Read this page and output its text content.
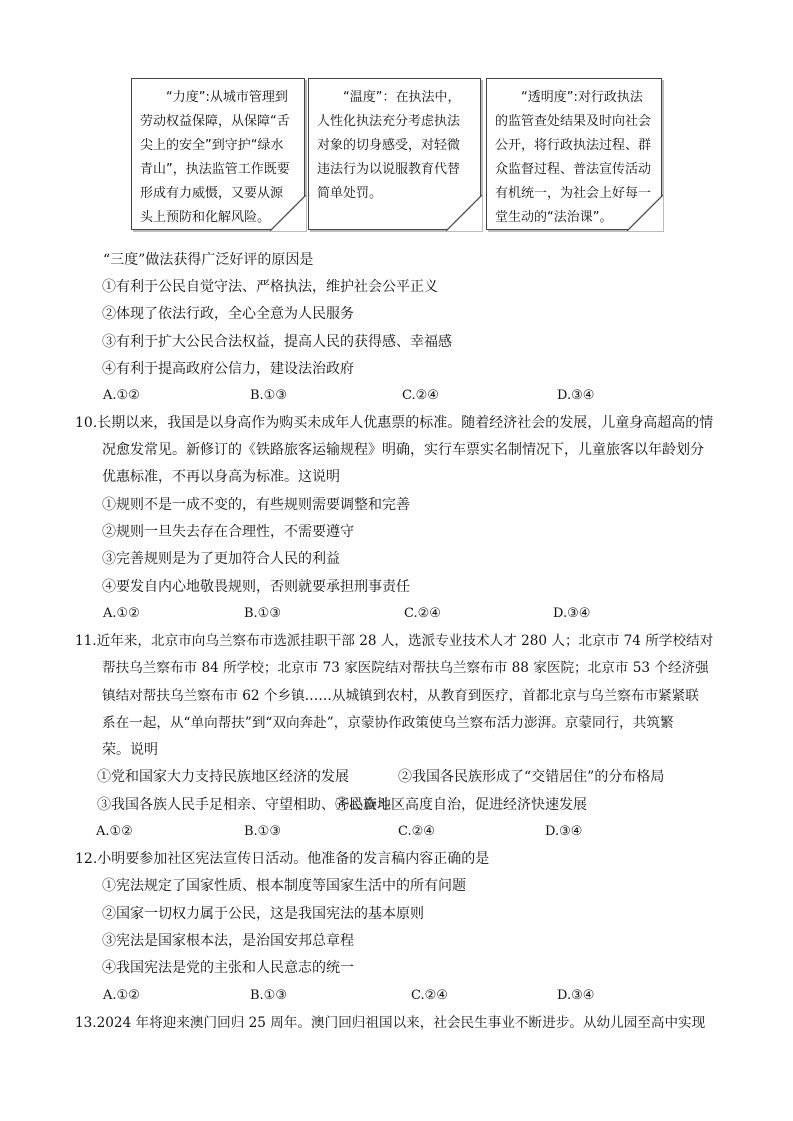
“力度”:从城市管理到劳动权益保障，从保障“舌尖上的安全”到守护“绿水青山”，执法监管工作既要形成有力威慑，又要从源头上预防和化解风险。
“温度”：在执法中，人性化执法充分考虑执法对象的切身感受，对轻微违法行为以说服教育代替简单处罚。
“透明度”:对行政执法的监管查处结果及时向社会公开，将行政执法过程、群众监督过程、普法宣传活动有机统一，为社会上好每一堂生动的“法治课”。
“三度”做法获得广泛好评的原因是
①有利于公民自觉守法、严格执法，维护社会公平正义
②体现了依法行政，全心全意为人民服务
③有利于扩大公民合法权益，提高人民的获得感、幸福感
④有利于提高政府公信力，建设法治政府
A.①②	B.①③	C.②④	D.③④
10.长期以来，我国是以身高作为购买未成年人优惠票的标准。随着经济社会的发展，儿童身高超高的情
况愈发常见。新修订的《铁路旅客运输规程》明确，实行车票实名制情况下，儿童旅客以年龄划分
优惠标准，不再以身高为标准。这说明
①规则不是一成不变的，有些规则需要调整和完善
②规则一旦失去存在合理性，不需要遵守
③完善规则是为了更加符合人民的利益
④要发自内心地敬畏规则，否则就要承担刑事责任
A.①②	B.①③	C.②④	D.③④
11.近年来，北京市向乌兰察布市选派挂职干部 28 人，选派专业技术人才 280 人；北京市 74 所学校结对
帮扶乌兰察布市 84 所学校；北京市 73 家医院结对帮扶乌兰察布市 88 家医院；北京市 53 个经济强
镇结对帮扶乌兰察布市 62 个乡镇……从城镇到农村，从教育到医疗，首都北京与乌兰察布市紧紧联
系在一起，从“单向帮扶”到“双向奔赴”，京蒙协作政策使乌兰察布活力澎湃。京蒙同行，共筑繁
荣。说明
①党和国家大力支持民族地区经济的发展	②我国各民族形成了“交错居住”的分布格局
③我国各族人民手足相亲、守望相助、齐心奋斗
④民族地区高度自治，促进经济快速发展
A.①②	B.①③	C.②④	D.③④
12.小明要参加社区宪法宣传日活动。他准备的发言稿内容正确的是
①宪法规定了国家性质、根本制度等国家生活中的所有问题
②国家一切权力属于公民，这是我国宪法的基本原则
③宪法是国家根本法，是治国安邦总章程
④我国宪法是党的主张和人民意志的统一
A.①②	B.①③	C.②④	D.③④
13.2024 年将迎来澳门回归 25 周年。澳门回归祖国以来，社会民生事业不断进步。从幼儿园至高中实现
